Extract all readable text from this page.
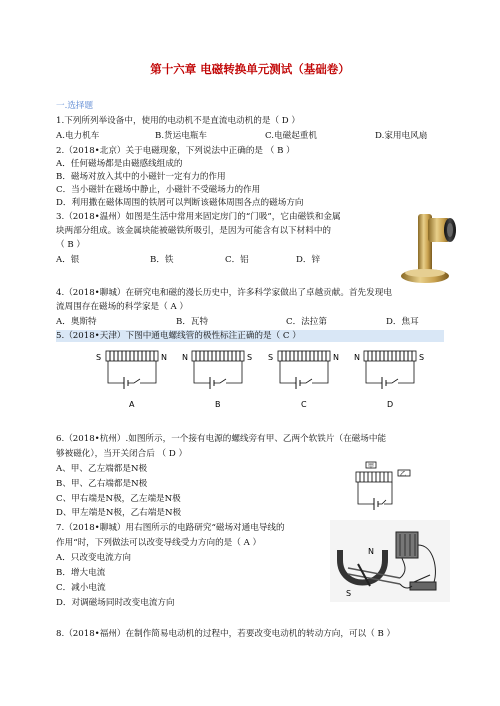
第十六章 电磁转换单元测试（基础卷）
一.选择题
1.下列所列举设备中，使用的电动机不是直流电动机的是（ D ）
A.电力机车	B.货运电瓶车	C.电磁起重机	D.家用电风扇
2.（2018•北京）关于电磁现象，下列说法中正确的是 （ B ）
A．任何磁场都是由磁感线组成的
B．磁场对放入其中的小磁针一定有力的作用
C．当小磁针在磁场中静止，小磁针不受磁场力的作用
D．利用撒在磁体周围的铁屑可以判断该磁体周围各点的磁场方向
3.（2018•温州）如图是生活中常用来固定房门的“门吸”，它由磁铁和金属
块两部分组成。该金属块能被磁铁所吸引，是因为可能含有以下材料中的
（ B ）
A．银	B．铁	C．铝	D．锌
4.（2018•聊城）在研究电和磁的漫长历史中，许多科学家做出了卓越贡献。首先发现电
流周围存在磁场的科学家是（ A ）
A．奥斯特	B．瓦特	C．法拉第	D．焦耳
5.（2018•天津）下图中通电螺线管的极性标注正确的是（ C ）
S	N N	S S	N N	S
A	B	C	D
6.（2018•杭州）.如图所示，一个接有电源的螺线旁有甲、乙两个软铁片（在磁场中能
够被磁化），当开关闭合后 （ D ）
A、甲、乙左端都是N极
B、甲、乙右端都是N极
C、甲右端是N极，乙左端是N极
D、甲左端是N极，乙右端是N极
甲
乙
7.（2018•聊城）用右图所示的电路研究“磁场对通电导线的
作用“时，下列做法可以改变导线受力方向的是（ A ）
A．只改变电流方向
B．增大电流
C．减小电流
D．对调磁场同时改变电流方向
N
S
8.（2018•福州）在制作简易电动机的过程中，若要改变电动机的转动方向，可以（ B ）
